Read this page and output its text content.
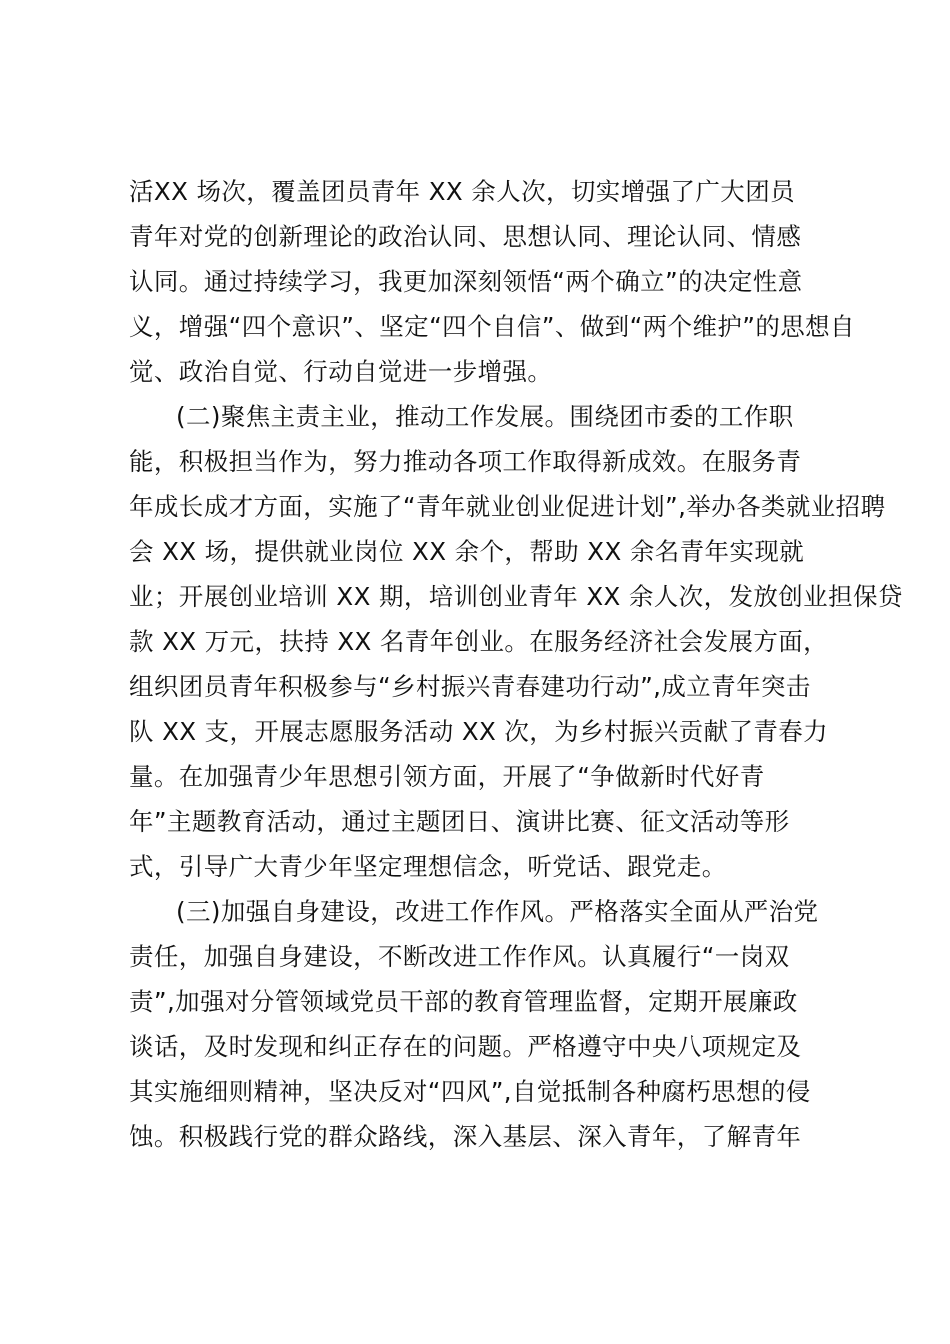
活XX 场次，覆盖团员青年 XX 余人次，切实增强了广大团员
青年对党的创新理论的政治认同、思想认同、理论认同、情感
认同。通过持续学习，我更加深刻领悟“两个确立”的决定性意
义，增强“四个意识”、坚定“四个自信”、做到“两个维护”的思想自
觉、政治自觉、行动自觉进一步增强。
(二)聚焦主责主业，推动工作发展。围绕团市委的工作职
能，积极担当作为，努力推动各项工作取得新成效。在服务青
年成长成才方面，实施了“青年就业创业促进计划”,举办各类就业招聘
会 XX 场，提供就业岗位 XX 余个，帮助 XX 余名青年实现就
业；开展创业培训 XX 期，培训创业青年 XX 余人次，发放创业担保贷
款 XX 万元，扶持 XX 名青年创业。在服务经济社会发展方面，
组织团员青年积极参与“乡村振兴青春建功行动”,成立青年突击
队 XX 支，开展志愿服务活动 XX 次，为乡村振兴贡献了青春力
量。在加强青少年思想引领方面，开展了“争做新时代好青
年”主题教育活动，通过主题团日、演讲比赛、征文活动等形
式，引导广大青少年坚定理想信念，听党话、跟党走。
(三)加强自身建设，改进工作作风。严格落实全面从严治党
责任，加强自身建设，不断改进工作作风。认真履行“一岗双
责”,加强对分管领域党员干部的教育管理监督，定期开展廉政
谈话，及时发现和纠正存在的问题。严格遵守中央八项规定及
其实施细则精神，坚决反对“四风”,自觉抵制各种腐朽思想的侵
蚀。积极践行党的群众路线，深入基层、深入青年，了解青年
